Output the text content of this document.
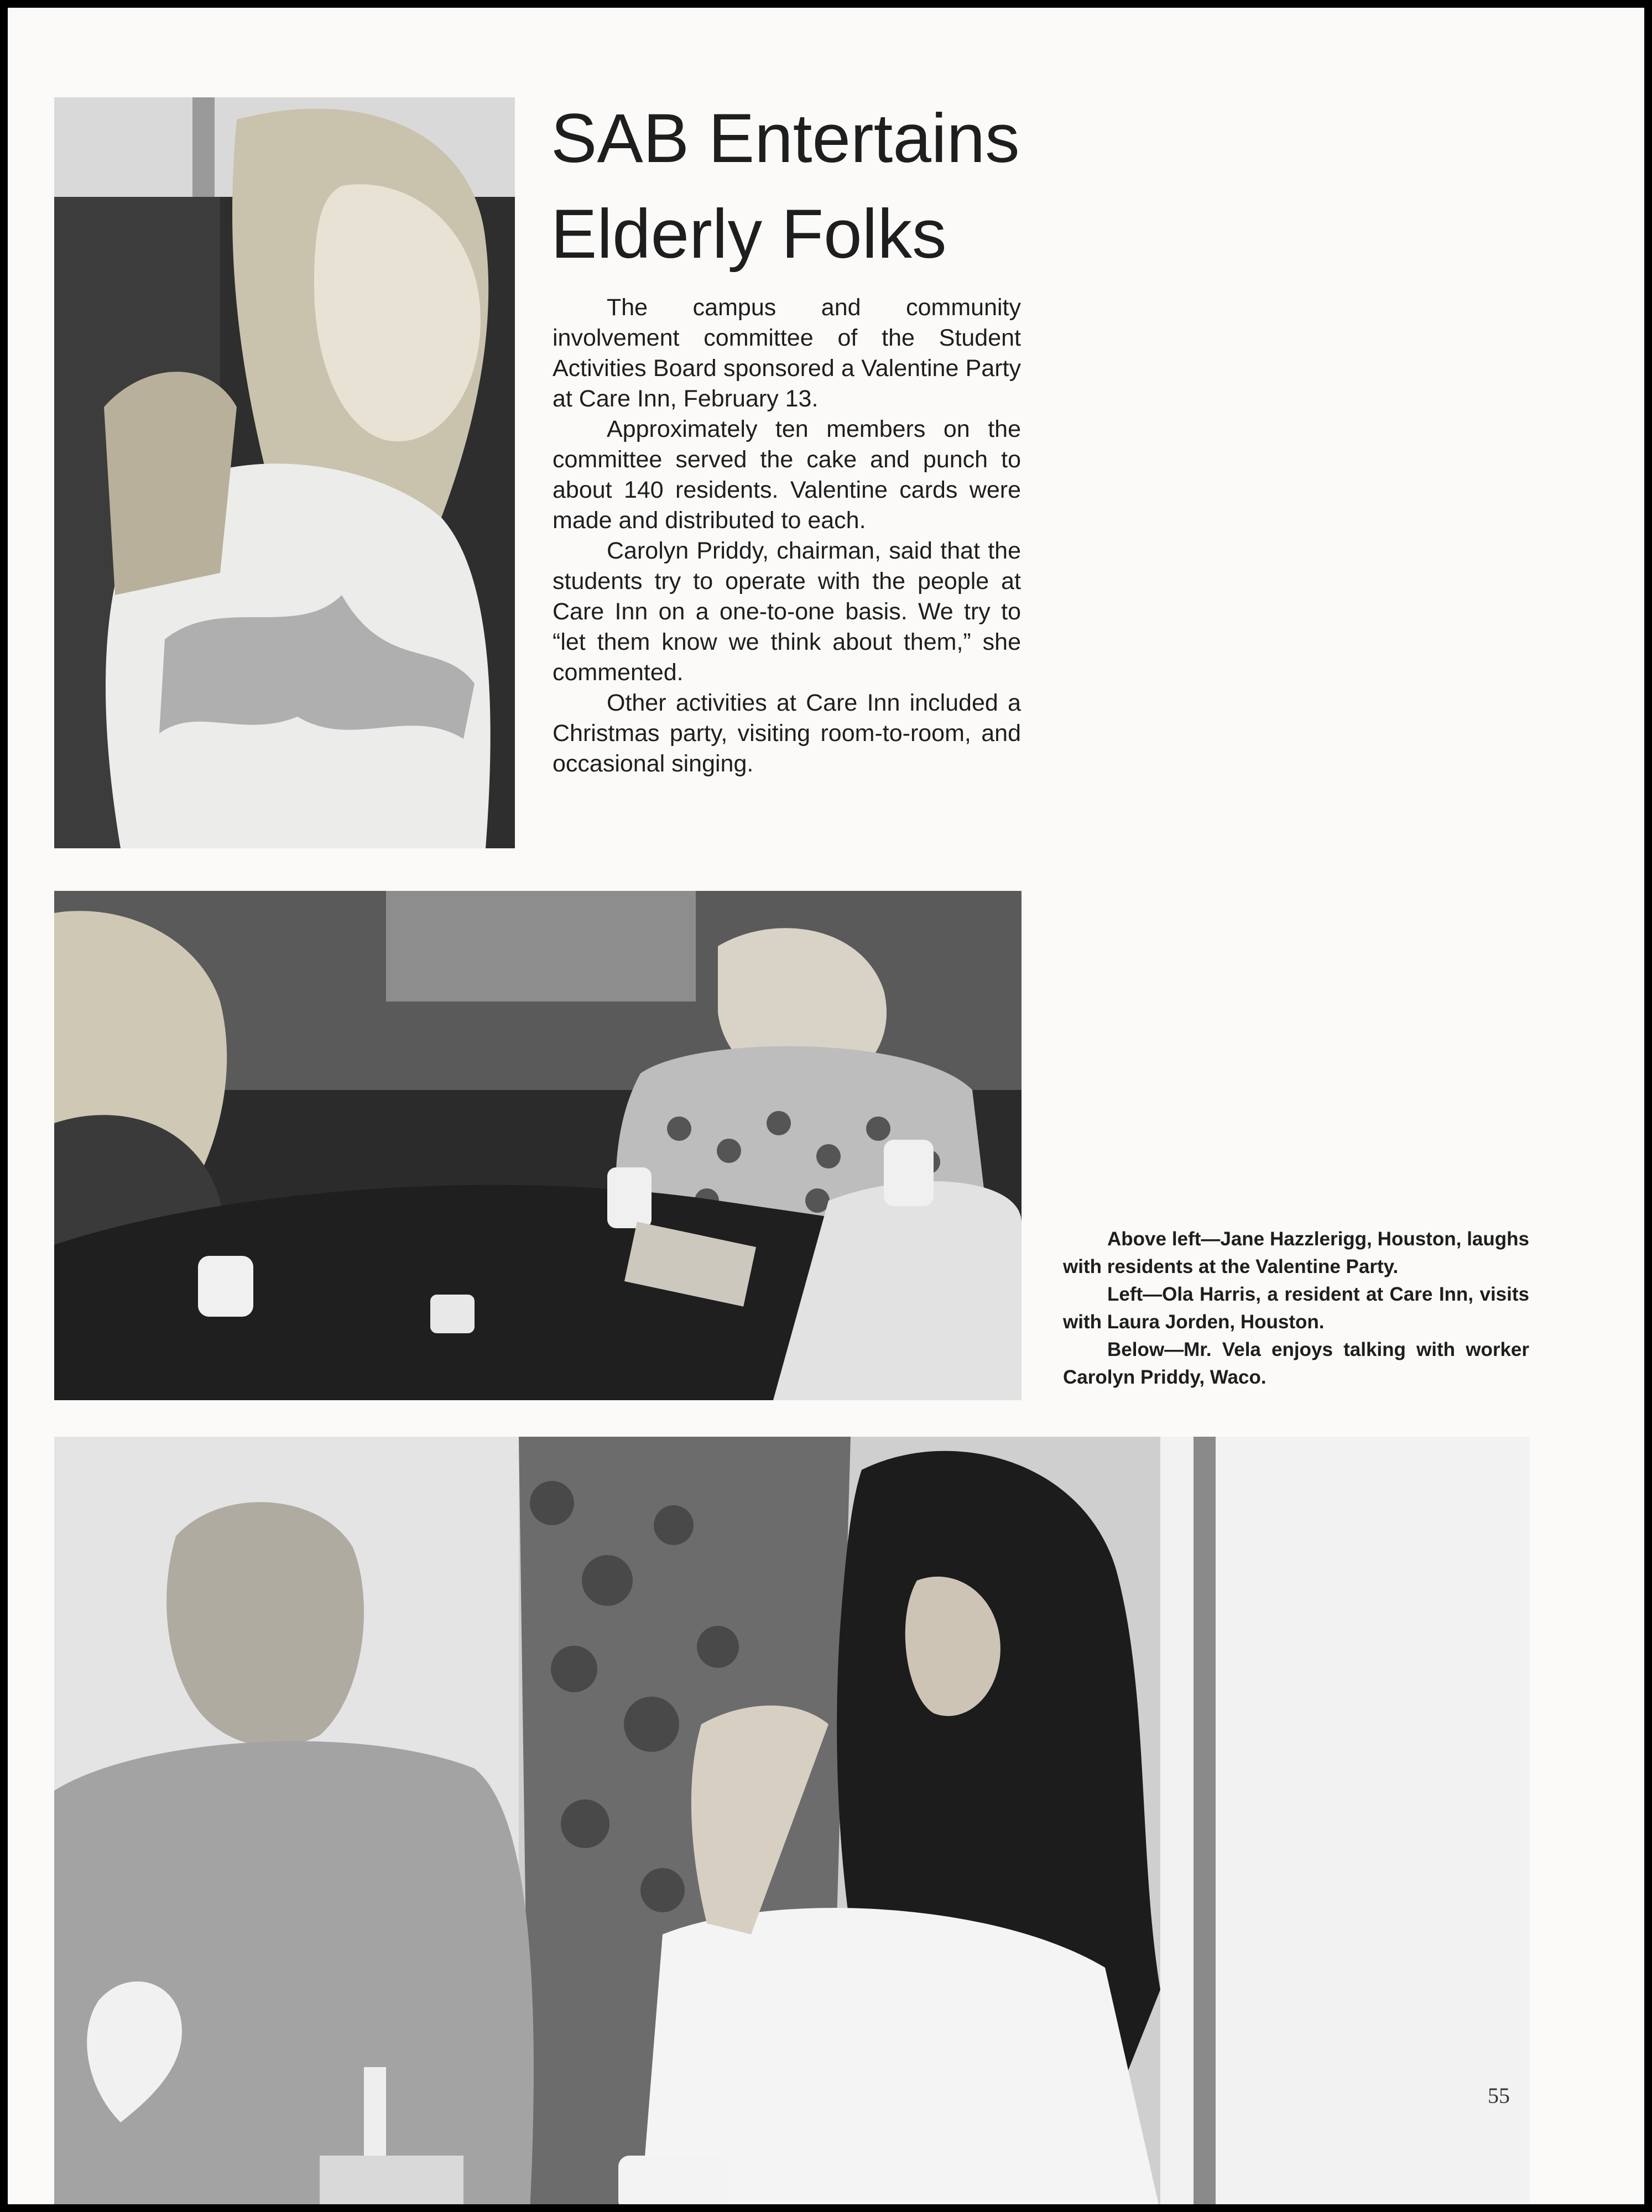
SAB Entertains
Elderly Folks

The campus and community involvement committee of the Student Activities Board sponsored a Valentine Party at Care Inn, February 13.

Approximately ten members on the committee served the cake and punch to about 140 residents. Valentine cards were made and distributed to each.

Carolyn Priddy, chairman, said that the students try to operate with the people at Care Inn on a one-to-one basis. We try to “let them know we think about them,” she commented.

Other activities at Care Inn included a Christmas party, visiting room-to-room, and occasional singing.

Above left—Jane Hazzlerigg, Houston, laughs with residents at the Valentine Party.

Left—Ola Harris, a resident at Care Inn, visits with Laura Jorden, Houston.

Below—Mr. Vela enjoys talking with worker Carolyn Priddy, Waco.

55
